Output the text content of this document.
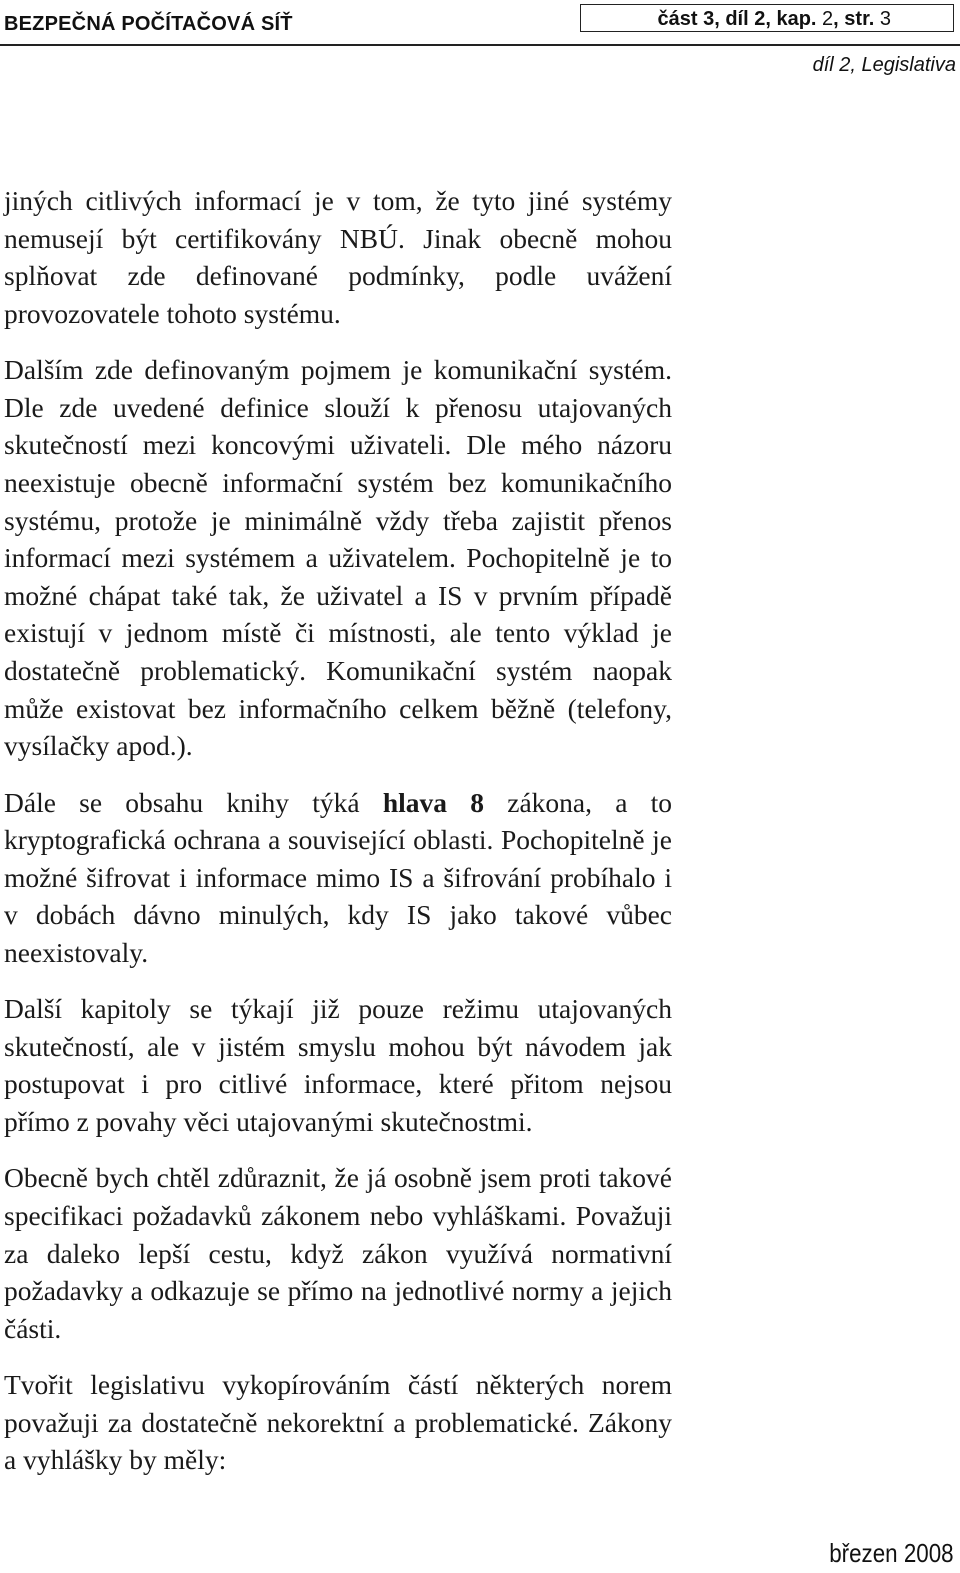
BEZPEČNÁ POČÍTAČOVÁ SÍŤ	část 3, díl 2, kap. 2, str. 3
díl 2, Legislativa

jiných citlivých informací je v tom, že tyto jiné systémy nemusejí být certifikovány NBÚ. Jinak obecně mohou splňovat zde definované podmínky, podle uvážení provozovatele tohoto systému.

Dalším zde definovaným pojmem je komunikační systém. Dle zde uvedené definice slouží k přenosu utajovaných skutečností mezi koncovými uživateli. Dle mého názoru neexistuje obecně informační systém bez komunikačního systému, protože je minimálně vždy třeba zajistit přenos informací mezi systémem a uživatelem. Pochopitelně je to možné chápat také tak, že uživatel a IS v prvním případě existují v jednom místě či místnosti, ale tento výklad je dostatečně problematický. Komunikační systém naopak může existovat bez informačního celkem běžně (telefony, vysílačky apod.).

Dále se obsahu knihy týká hlava 8 zákona, a to kryptografická ochrana a související oblasti. Pochopitelně je možné šifrovat i informace mimo IS a šifrování probíhalo i v dobách dávno minulých, kdy IS jako takové vůbec neexistovaly.

Další kapitoly se týkají již pouze režimu utajovaných skutečností, ale v jistém smyslu mohou být návodem jak postupovat i pro citlivé informace, které přitom nejsou přímo z povahy věci utajovanými skutečnostmi.

Obecně bych chtěl zdůraznit, že já osobně jsem proti takové specifikaci požadavků zákonem nebo vyhláškami. Považuji za daleko lepší cestu, když zákon využívá normativní požadavky a odkazuje se přímo na jednotlivé normy a jejich části.

Tvořit legislativu vykopírováním částí některých norem považuji za dostatečně nekorektní a problematické. Zákony a vyhlášky by měly:

březen 2008
